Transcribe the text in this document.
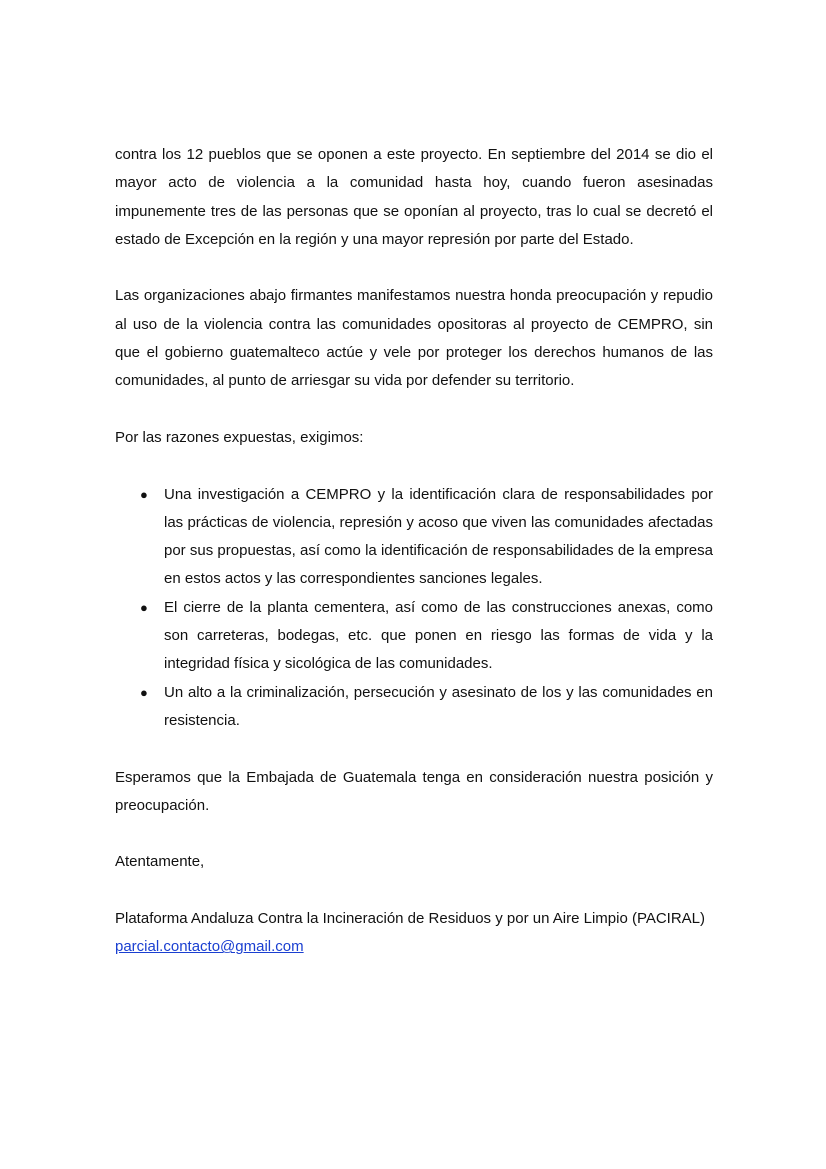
contra los 12 pueblos que se oponen a este proyecto. En septiembre del 2014 se dio el mayor acto de violencia a la comunidad hasta hoy, cuando fueron asesinadas impunemente tres de las personas que se oponían al proyecto, tras lo cual se decretó el estado de Excepción en la región y una mayor represión por parte del Estado.

Las organizaciones abajo firmantes manifestamos nuestra honda preocupación y repudio al uso de la violencia contra las comunidades opositoras al proyecto de CEMPRO, sin que el gobierno guatemalteco actúe y vele por proteger los derechos humanos de las comunidades, al punto de arriesgar su vida por defender su territorio.

Por las razones expuestas, exigimos:

● Una investigación a CEMPRO y la identificación clara de responsabilidades por las prácticas de violencia, represión y acoso que viven las comunidades afectadas por sus propuestas, así como la identificación de responsabilidades de la empresa en estos actos y las correspondientes sanciones legales.
● El cierre de la planta cementera, así como de las construcciones anexas, como son carreteras, bodegas, etc. que ponen en riesgo las formas de vida y la integridad física y sicológica de las comunidades.
● Un alto a la criminalización, persecución y asesinato de los y las comunidades en resistencia.

Esperamos que la Embajada de Guatemala tenga en consideración nuestra posición y preocupación.

Atentamente,

Plataforma Andaluza Contra la Incineración de Residuos y por un Aire Limpio (PACIRAL)

parcial.contacto@gmail.com
